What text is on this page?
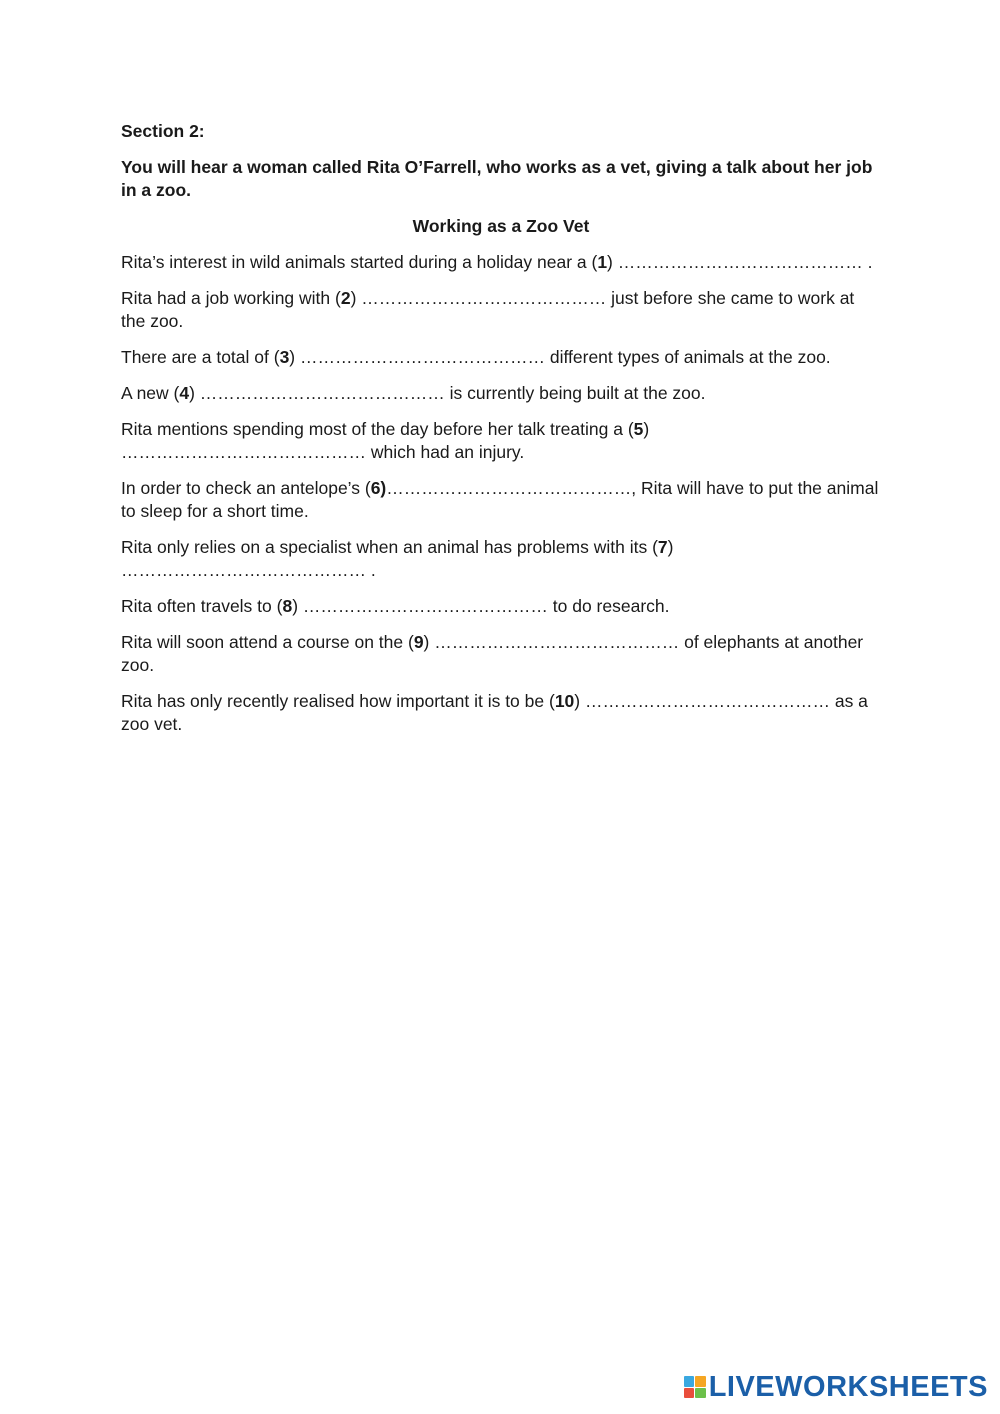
Section 2:
You will hear a woman called Rita O’Farrell, who works as a vet, giving a talk about her job in a zoo.
Working as a Zoo Vet
Rita’s interest in wild animals started during a holiday near a (1) …………………………………… .
Rita had a job working with (2) …………………………………… just before she came to work at the zoo.
There are a total of (3) …………………………………… different types of animals at the zoo.
A new (4) …………………………………… is currently being built at the zoo.
Rita mentions spending most of the day before her talk treating a (5) …………………………………… which had an injury.
In order to check an antelope’s (6)……………………………………, Rita will have to put the animal to sleep for a short time.
Rita only relies on a specialist when an animal has problems with its (7) …………………………………… .
Rita often travels to (8) …………………………………… to do research.
Rita will soon attend a course on the (9) …………………………………… of elephants at another zoo.
Rita has only recently realised how important it is to be (10) …………………………………… as a zoo vet.
LIVEWORKSHEETS
